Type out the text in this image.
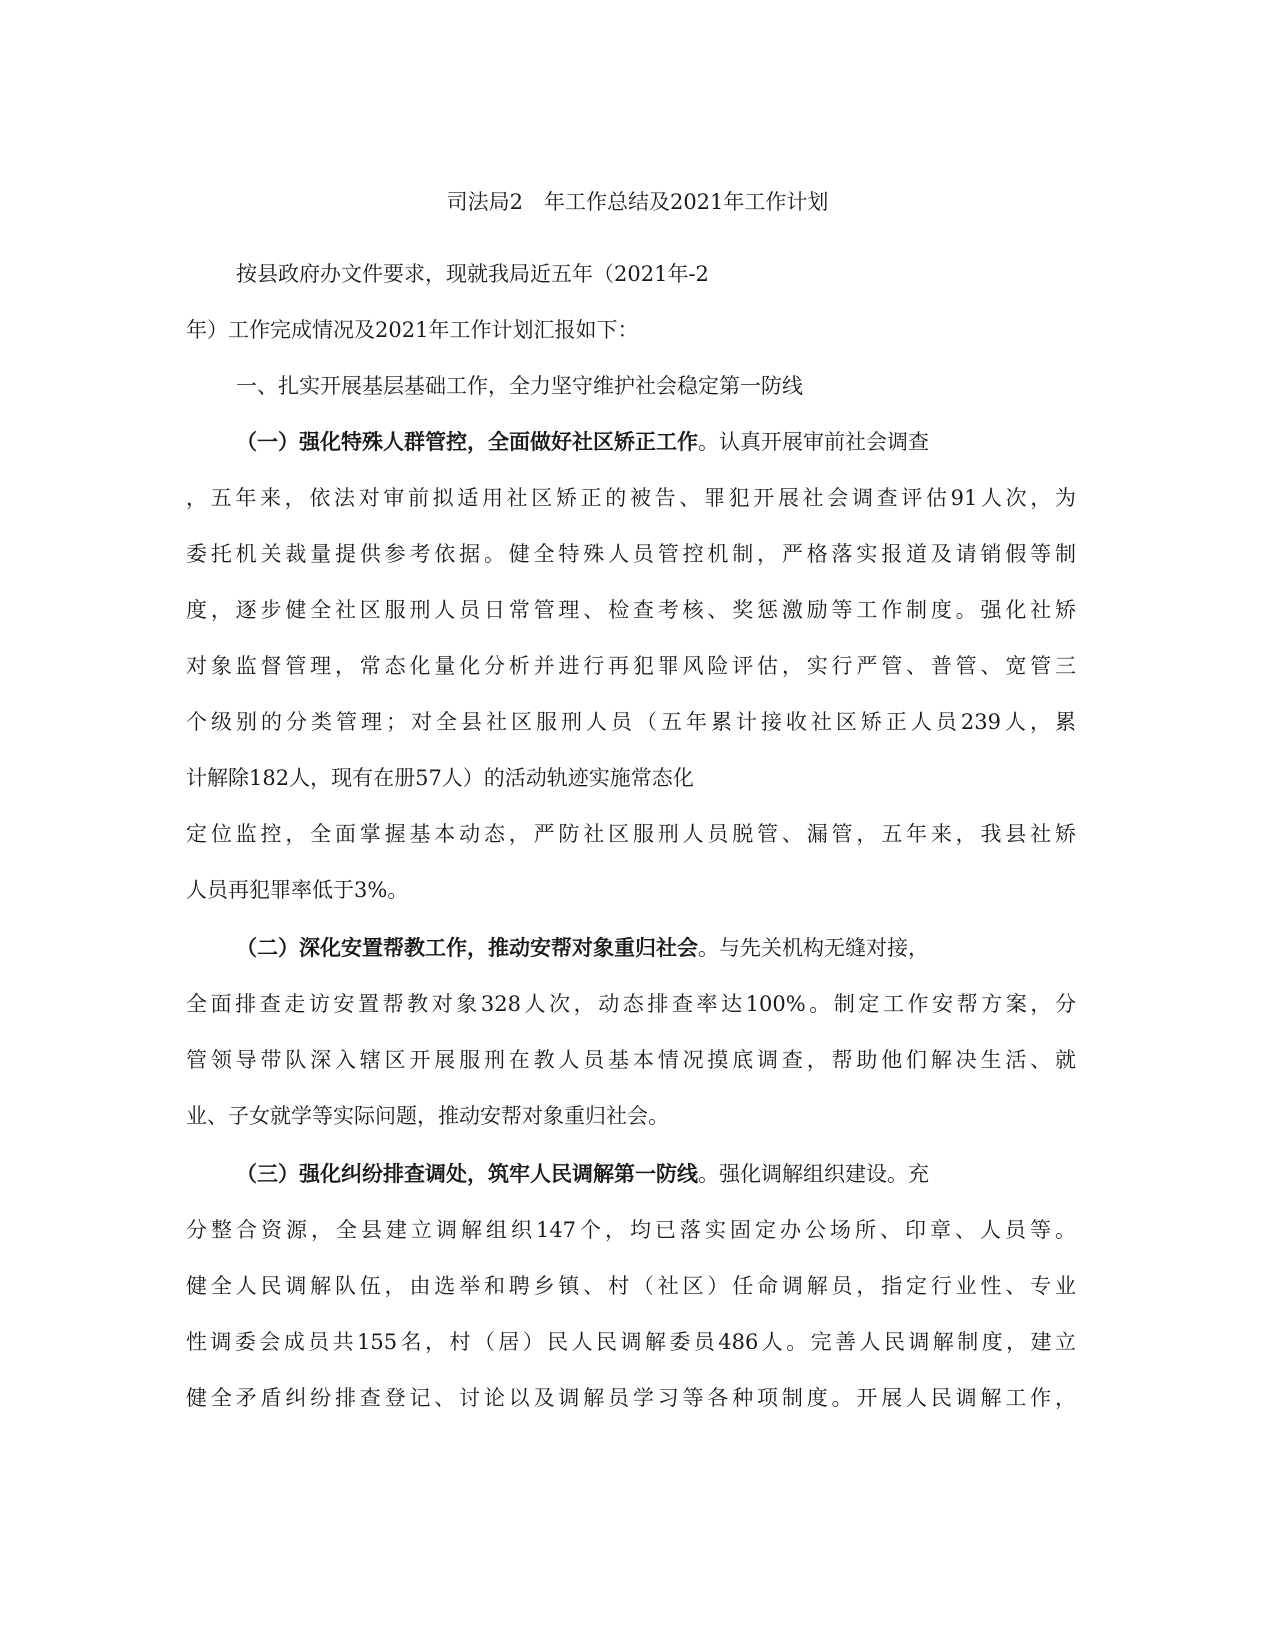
司法局2　年工作总结及2021年工作计划
按县政府办文件要求，现就我局近五年（2021年-2
年）工作完成情况及2021年工作计划汇报如下：
一、扎实开展基层基础工作，全力坚守维护社会稳定第一防线
（一）强化特殊人群管控，全面做好社区矫正工作。认真开展审前社会调查
，五年来，依法对审前拟适用社区矫正的被告、罪犯开展社会调查评估91人次，为
委托机关裁量提供参考依据。健全特殊人员管控机制，严格落实报道及请销假等制
度，逐步健全社区服刑人员日常管理、检查考核、奖惩激励等工作制度。强化社矫
对象监督管理，常态化量化分析并进行再犯罪风险评估，实行严管、普管、宽管三
个级别的分类管理；对全县社区服刑人员（五年累计接收社区矫正人员239人，累
计解除182人，现有在册57人）的活动轨迹实施常态化
定位监控，全面掌握基本动态，严防社区服刑人员脱管、漏管，五年来，我县社矫
人员再犯罪率低于3%。
（二）深化安置帮教工作，推动安帮对象重归社会。与先关机构无缝对接，
全面排查走访安置帮教对象328人次，动态排查率达100%。制定工作安帮方案，分
管领导带队深入辖区开展服刑在教人员基本情况摸底调查，帮助他们解决生活、就
业、子女就学等实际问题，推动安帮对象重归社会。
（三）强化纠纷排查调处，筑牢人民调解第一防线。强化调解组织建设。充
分整合资源，全县建立调解组织147个，均已落实固定办公场所、印章、人员等。
健全人民调解队伍，由选举和聘乡镇、村（社区）任命调解员，指定行业性、专业
性调委会成员共155名，村（居）民人民调解委员486人。完善人民调解制度，建立
健全矛盾纠纷排查登记、讨论以及调解员学习等各种项制度。开展人民调解工作，
